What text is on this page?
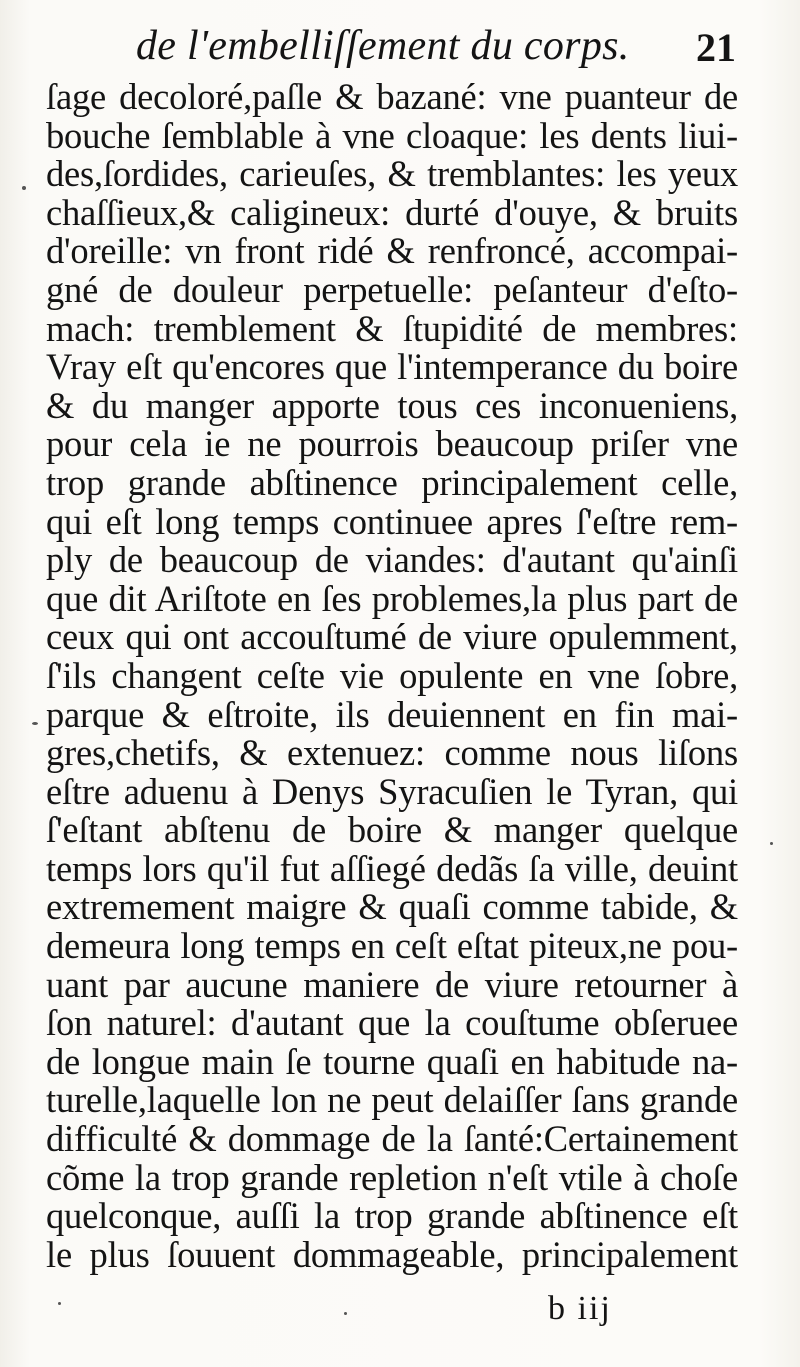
de l'embelliſſement du corps. 21
ſage decoloré,paſle & bazané: vne puanteur de
bouche ſemblable à vne cloaque: les dents liui-
des,ſordides, carieuſes, & tremblantes: les yeux
chaſſieux,& caligineux: durté d'ouye, & bruits
d'oreille: vn front ridé & renfroncé, accompai-
gné de douleur perpetuelle: peſanteur d'eſto-
mach: tremblement & ſtupidité de membres:
Vray eſt qu'encores que l'intemperance du boire
& du manger apporte tous ces inconueniens,
pour cela ie ne pourrois beaucoup priſer vne
trop grande abſtinence principalement celle,
qui eſt long temps continuee apres ſ'eſtre rem-
ply de beaucoup de viandes: d'autant qu'ainſi
que dit Ariſtote en ſes problemes,la plus part de
ceux qui ont accouſtumé de viure opulemment,
ſ'ils changent ceſte vie opulente en vne ſobre,
parque & eſtroite, ils deuiennent en fin mai-
gres,chetifs, & extenuez: comme nous liſons
eſtre aduenu à Denys Syracuſien le Tyran, qui
ſ'eſtant abſtenu de boire & manger quelque
temps lors qu'il fut aſſiegé dedãs ſa ville, deuint
extremement maigre & quaſi comme tabide, &
demeura long temps en ceſt eſtat piteux,ne pou-
uant par aucune maniere de viure retourner à
ſon naturel: d'autant que la couſtume obſeruee
de longue main ſe tourne quaſi en habitude na-
turelle,laquelle lon ne peut delaiſſer ſans grande
difficulté & dommage de la ſanté:Certainement
cõme la trop grande repletion n'eſt vtile à choſe
quelconque, auſſi la trop grande abſtinence eſt
le plus ſouuent dommageable, principalement
b iij
